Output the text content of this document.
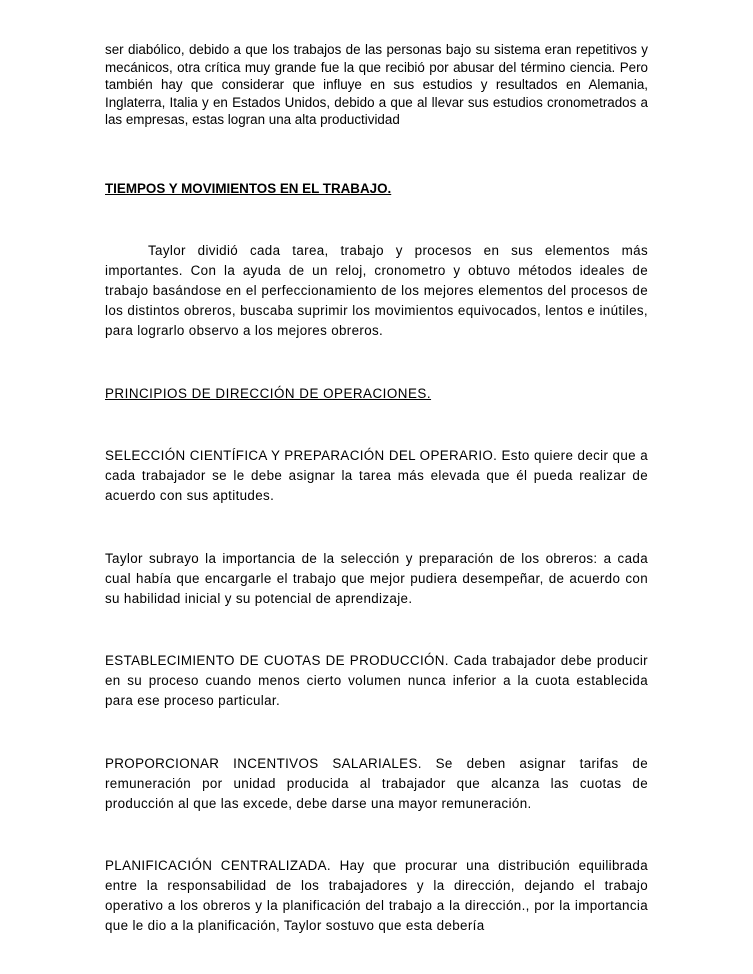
ser diabólico, debido a que los trabajos de las personas bajo su sistema eran repetitivos y mecánicos, otra crítica muy grande fue la que recibió por abusar del término ciencia. Pero también hay que considerar que influye en sus estudios y resultados en Alemania, Inglaterra, Italia y en Estados Unidos, debido a que al llevar sus estudios cronometrados a las empresas, estas logran una alta productividad

TIEMPOS Y MOVIMIENTOS EN EL TRABAJO.

Taylor dividió cada tarea, trabajo y procesos en sus elementos más importantes. Con la ayuda de un reloj, cronometro y obtuvo métodos ideales de trabajo basándose en el perfeccionamiento de los mejores elementos del procesos de los distintos obreros, buscaba suprimir los movimientos equivocados, lentos e inútiles, para lograrlo observo a los mejores obreros.

PRINCIPIOS DE DIRECCIÓN DE OPERACIONES.

SELECCIÓN CIENTÍFICA Y PREPARACIÓN DEL OPERARIO. Esto quiere decir que a cada trabajador se le debe asignar la tarea más elevada que él pueda realizar de acuerdo con sus aptitudes.

Taylor subrayo la importancia de la selección y preparación de los obreros: a cada cual había que encargarle el trabajo que mejor pudiera desempeñar, de acuerdo con su habilidad inicial y su potencial de aprendizaje.

ESTABLECIMIENTO DE CUOTAS DE PRODUCCIÓN. Cada trabajador debe producir en su proceso cuando menos cierto volumen nunca inferior a la cuota establecida para ese proceso particular.

PROPORCIONAR INCENTIVOS SALARIALES. Se deben asignar tarifas de remuneración por unidad producida al trabajador que alcanza las cuotas de producción al que las excede, debe darse una mayor remuneración.

PLANIFICACIÓN CENTRALIZADA. Hay que procurar una distribución equilibrada entre la responsabilidad de los trabajadores y la dirección, dejando el trabajo operativo a los obreros y la planificación del trabajo a la dirección., por la importancia que le dio a la planificación, Taylor sostuvo que esta debería
